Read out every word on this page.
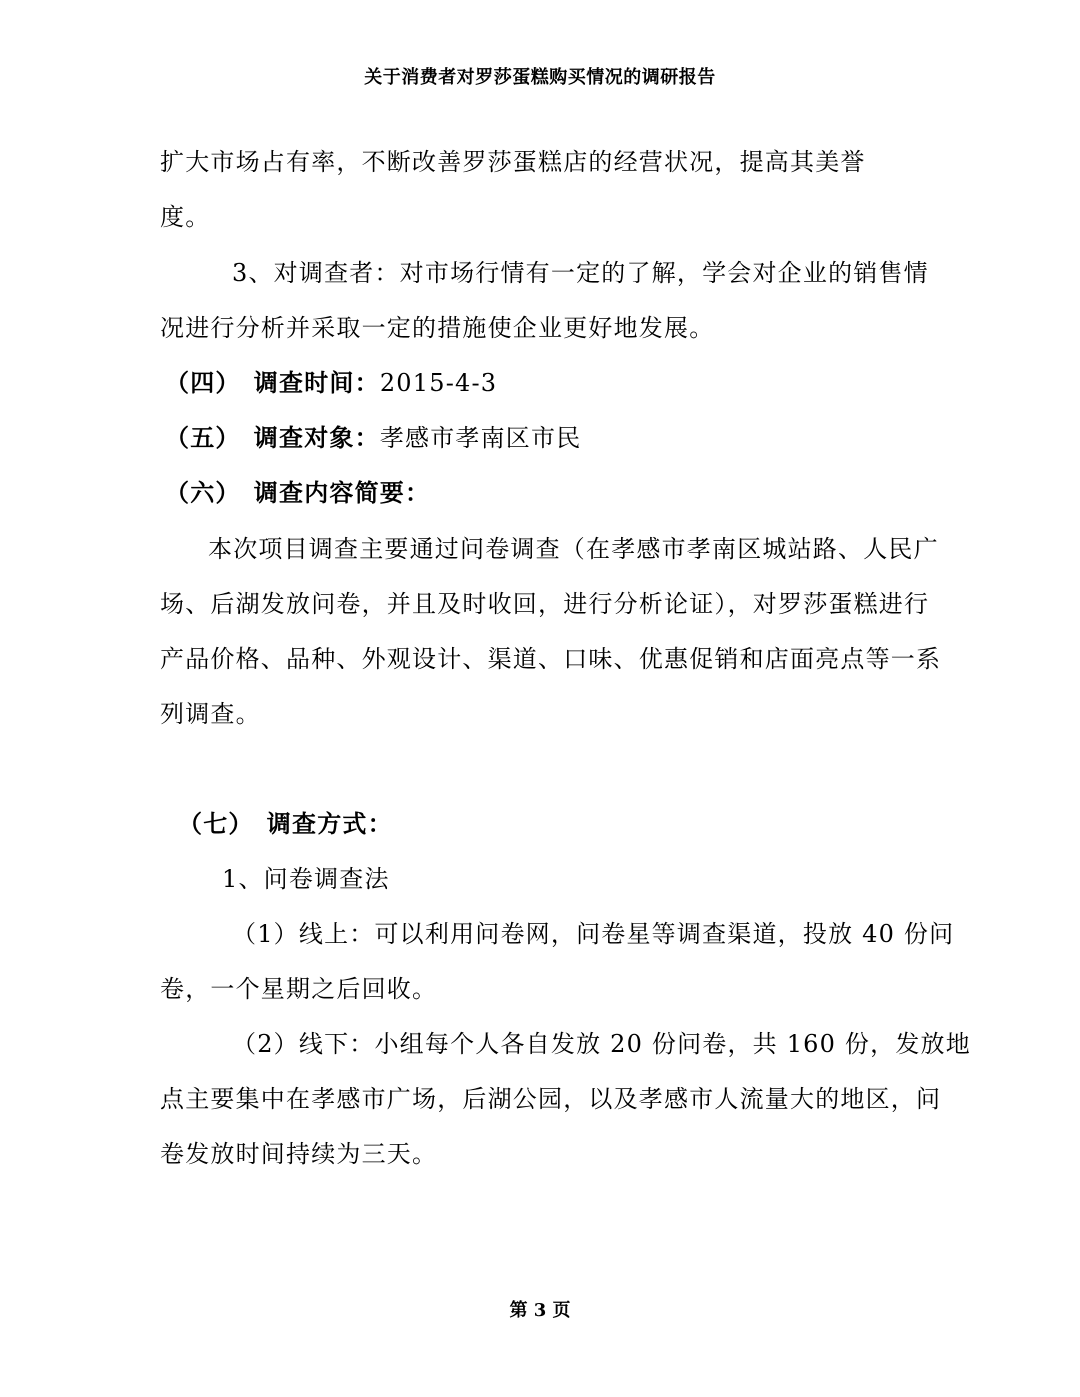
关于消费者对罗莎蛋糕购买情况的调研报告
扩大市场占有率，不断改善罗莎蛋糕店的经营状况，提高其美誉
度。
3、对调查者：对市场行情有一定的了解，学会对企业的销售情
况进行分析并采取一定的措施使企业更好地发展。
（四）　调查时间：2015-4-3
（五）　调查对象：孝感市孝南区市民
（六）　调查内容简要：
本次项目调查主要通过问卷调查（在孝感市孝南区城站路、人民广
场、后湖发放问卷，并且及时收回，进行分析论证），对罗莎蛋糕进行
产品价格、品种、外观设计、渠道、口味、优惠促销和店面亮点等一系
列调查。
（七）　调查方式：
1、问卷调查法
（1）线上：可以利用问卷网，问卷星等调查渠道，投放 40 份问
卷，一个星期之后回收。
（2）线下：小组每个人各自发放 20 份问卷，共 160 份，发放地
点主要集中在孝感市广场，后湖公园，以及孝感市人流量大的地区，问
卷发放时间持续为三天。
第 3 页
